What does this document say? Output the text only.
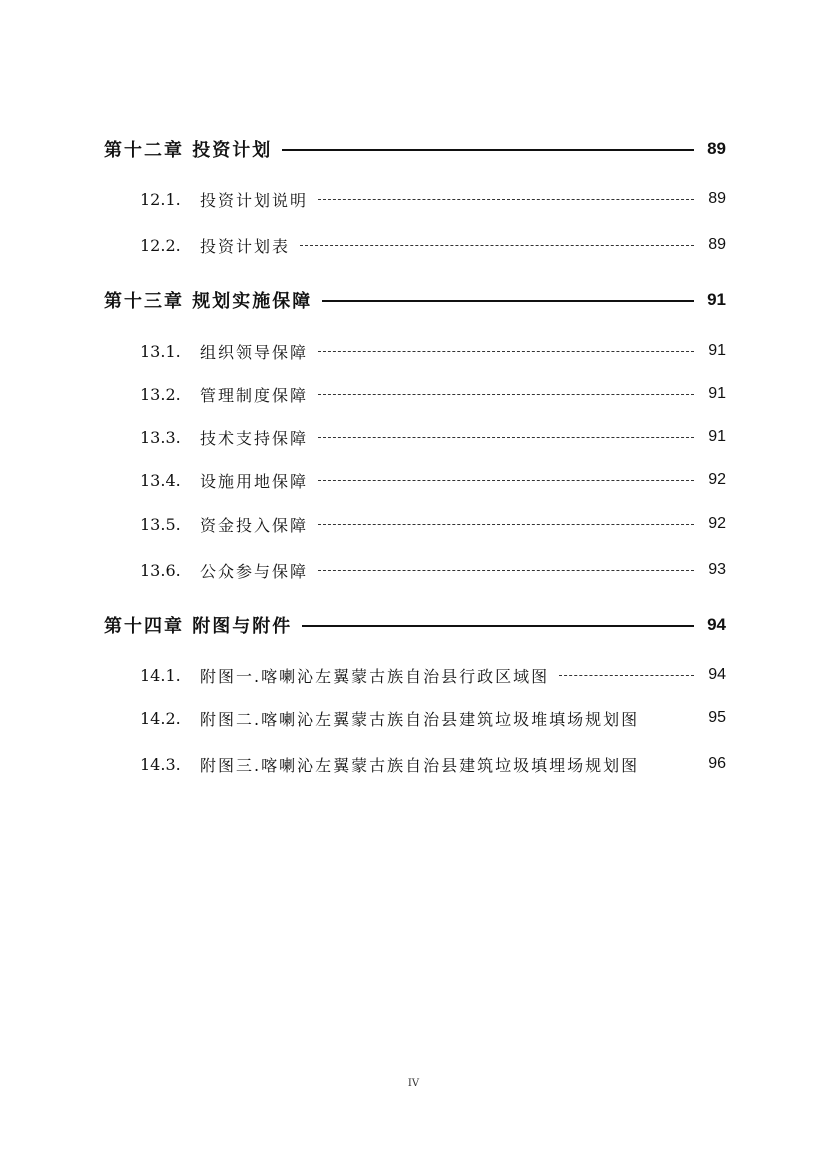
第十二章 投资计划	89
12.1.	投资计划说明	89
12.2.	投资计划表	89
第十三章 规划实施保障	91
13.1.	组织领导保障	91
13.2.	管理制度保障	91
13.3.	技术支持保障	91
13.4.	设施用地保障	92
13.5.	资金投入保障	92
13.6.	公众参与保障	93
第十四章 附图与附件	94
14.1.	附图一.喀喇沁左翼蒙古族自治县行政区域图	94
14.2.	附图二.喀喇沁左翼蒙古族自治县建筑垃圾堆填场规划图	95
14.3.	附图三.喀喇沁左翼蒙古族自治县建筑垃圾填埋场规划图	96
IV
